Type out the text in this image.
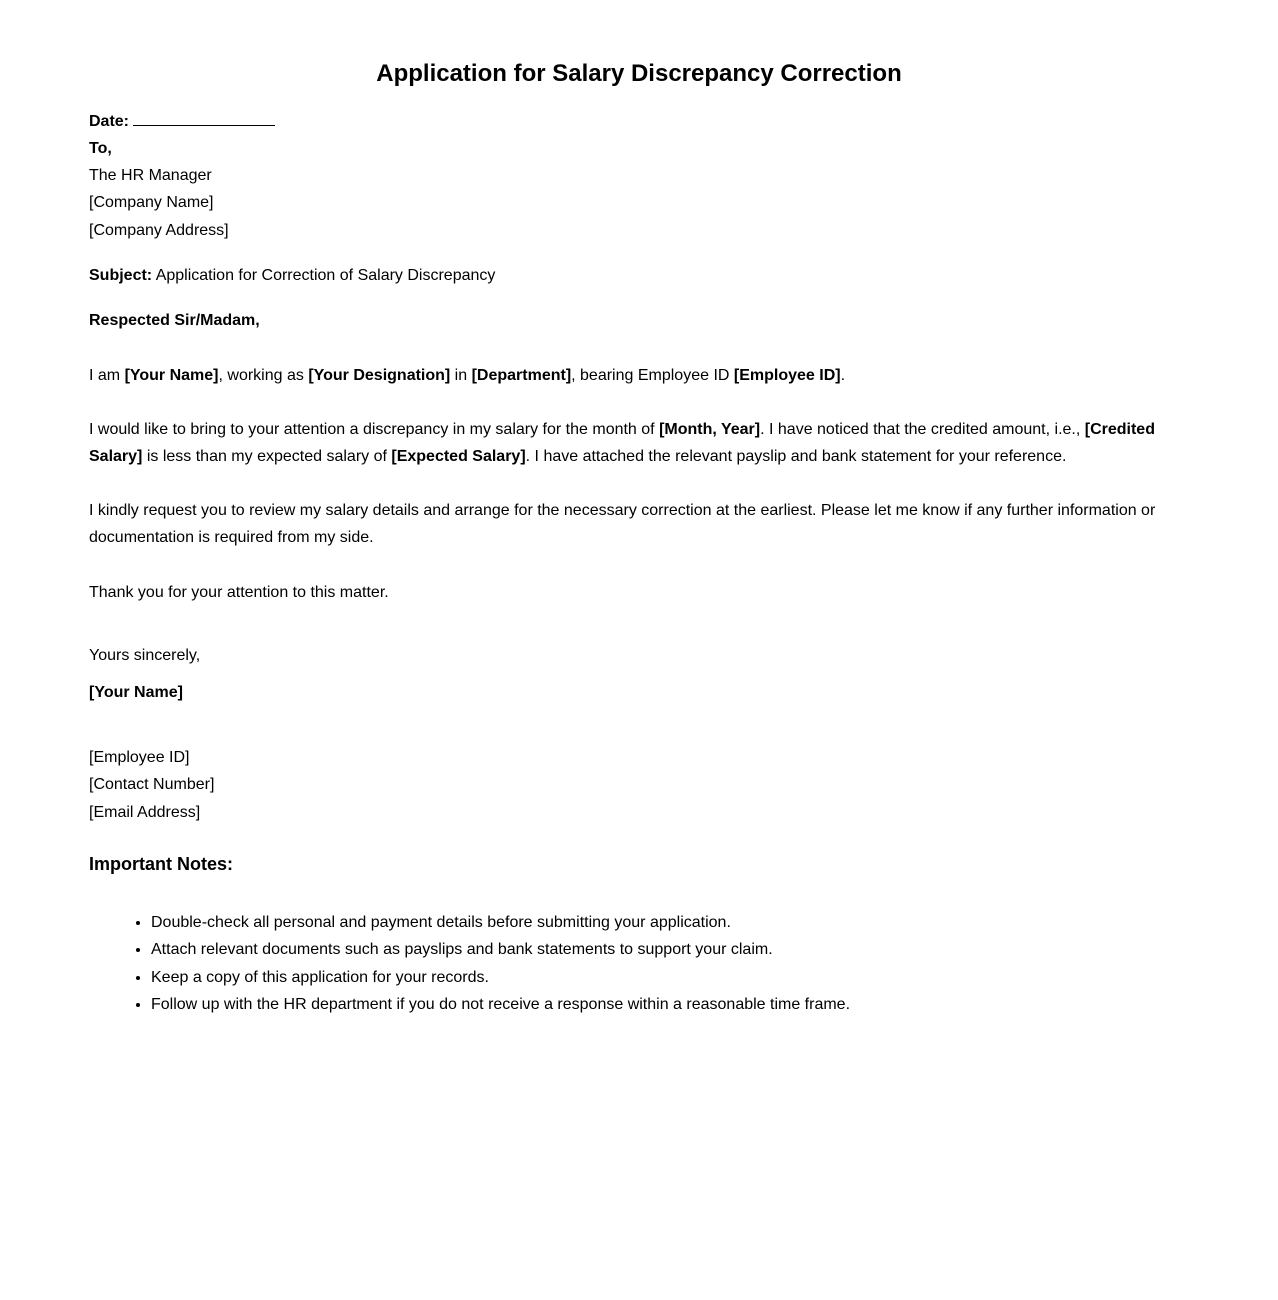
Application for Salary Discrepancy Correction
Date:
To,
The HR Manager
[Company Name]
[Company Address]
Subject: Application for Correction of Salary Discrepancy
Respected Sir/Madam,
I am [Your Name], working as [Your Designation] in [Department], bearing Employee ID [Employee ID].
I would like to bring to your attention a discrepancy in my salary for the month of [Month, Year]. I have noticed that the credited amount, i.e., [Credited Salary] is less than my expected salary of [Expected Salary]. I have attached the relevant payslip and bank statement for your reference.
I kindly request you to review my salary details and arrange for the necessary correction at the earliest. Please let me know if any further information or documentation is required from my side.
Thank you for your attention to this matter.
Yours sincerely,
[Your Name]
[Employee ID]
[Contact Number]
[Email Address]
Important Notes:
• Double-check all personal and payment details before submitting your application.
• Attach relevant documents such as payslips and bank statements to support your claim.
• Keep a copy of this application for your records.
• Follow up with the HR department if you do not receive a response within a reasonable time frame.
